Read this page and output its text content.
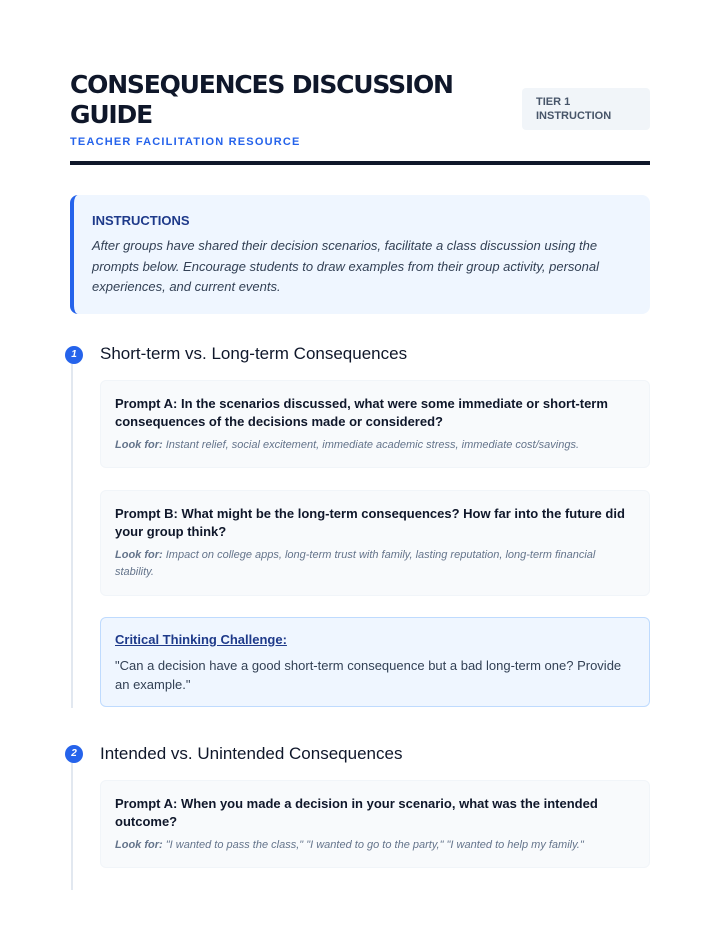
CONSEQUENCES DISCUSSION GUIDE
TEACHER FACILITATION RESOURCE
TIER 1 INSTRUCTION
INSTRUCTIONS
After groups have shared their decision scenarios, facilitate a class discussion using the prompts below. Encourage students to draw examples from their group activity, personal experiences, and current events.
1	Short-term vs. Long-term Consequences
Prompt A: In the scenarios discussed, what were some immediate or short-term consequences of the decisions made or considered?
Look for: Instant relief, social excitement, immediate academic stress, immediate cost/savings.
Prompt B: What might be the long-term consequences? How far into the future did your group think?
Look for: Impact on college apps, long-term trust with family, lasting reputation, long-term financial stability.
Critical Thinking Challenge:
"Can a decision have a good short-term consequence but a bad long-term one? Provide an example."
2	Intended vs. Unintended Consequences
Prompt A: When you made a decision in your scenario, what was the intended outcome?
Look for: "I wanted to pass the class," "I wanted to go to the party," "I wanted to help my family."
